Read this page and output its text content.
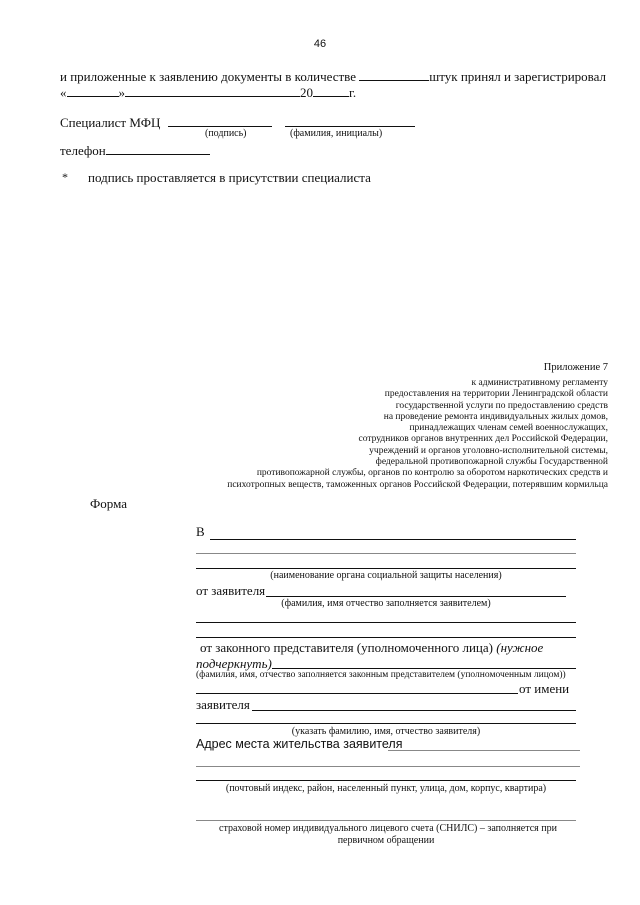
46
и приложенные к заявлению документы в количестве	штук принял и зарегистрировал
«	»	20	г.
Специалист МФЦ
(подпись)	(фамилия, инициалы)
телефон
* подпись проставляется в присутствии специалиста
Приложение 7
к административному регламенту
предоставления на территории Ленинградской области
государственной услуги по предоставлению средств
на проведение ремонта индивидуальных жилых домов,
принадлежащих членам семей военнослужащих,
сотрудников органов внутренних дел Российской Федерации,
учреждений и органов уголовно-исполнительной системы,
федеральной противопожарной службы Государственной
противопожарной службы, органов по контролю за оборотом наркотических средств и
психотропных веществ, таможенных органов Российской Федерации, потерявшим кормильца
Форма
В
(наименование органа социальной защиты населения)
от заявителя
(фамилия, имя отчество заполняется заявителем)
от законного представителя (уполномоченного лица) (нужное
подчеркнуть)
(фамилия, имя, отчество заполняется законным представителем (уполномоченным лицом))
от имени
заявителя
(указать фамилию, имя, отчество заявителя)
Адрес места жительства заявителя
(почтовый индекс, район, населенный пункт, улица, дом, корпус, квартира)
страховой номер индивидуального лицевого счета (СНИЛС) – заполняется при
первичном обращении
